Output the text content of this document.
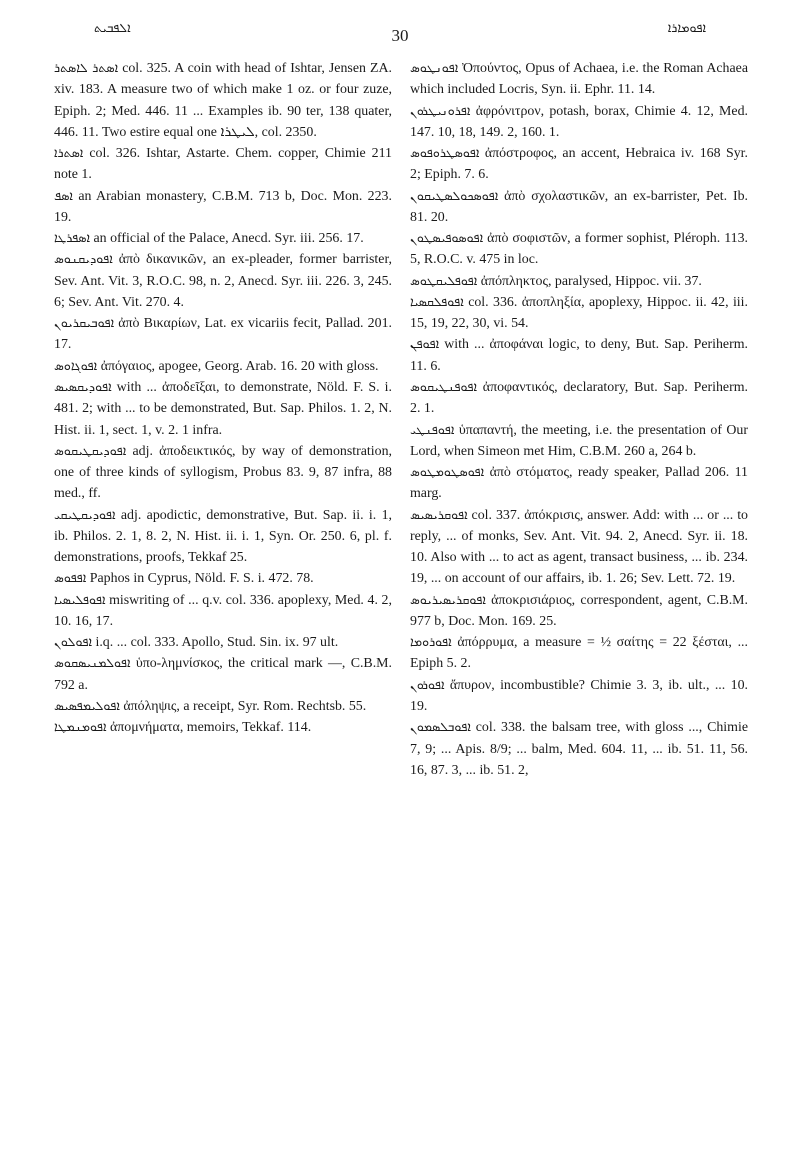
ܐܠܦܒܝܬ	30	ܐܦܘܡܐܪܐ

ܐܣܬܪ ܠܐܣܬܪ col. 325. A coin with head of Ishtar, Jensen ZA. xiv. 183. A measure two of which make 1 oz. or four zuze, Epiph. 2; Med. 446. 11 ... Examples ib. 90 ter, 138 quater, 446. 11. Two estire equal one ܠܝܛܪܐ, col. 2350.

ܐܣܬܪܐ col. 326. Ishtar, Astarte. Chem. copper, Chimie 211 note 1.

ܐܣܦ an Arabian monastery, C.B.M. 713 b, Doc. Mon. 223. 19.

ܐܣܦܪܛܐ an official of the Palace, Anecd. Syr. iii. 256. 17.

ܐܦܘܕܝܩܢܘܣ ἀπὸ δικανικῶν, an ex-pleader, former barrister, Sev. Ant. Vit. 3, R.O.C. 98, n. 2, Anecd. Syr. iii. 226. 3, 245. 6; Sev. Ant. Vit. 270. 4.

ܐܦܘܒܝܩܪܝܘܢ ἀπὸ Βικαρίων, Lat. ex vicariis fecit, Pallad. 201. 17.

ܐܦܘܓܐܘܣ ἀπόγαιος, apogee, Georg. Arab. 16. 20 with gloss.

ܐܦܘܕܝܩܣܝܣ with ... ἀποδεῖξαι, to demonstrate, Nöld. F. S. i. 481. 2; with ... to be demonstrated, But. Sap. Philos. 1. 2, N. Hist. ii. 1, sect. 1, v. 2. 1 infra.

ܐܦܘܕܝܩܛܝܩܘܣ adj. ἀποδεικτικός, by way of demonstration, one of three kinds of syllogism, Probus 83. 9, 87 infra, 88 med., ff.

ܐܦܘܕܝܩܛܝܩܝ adj. apodictic, demonstrative, But. Sap. ii. i. 1, ib. Philos. 2. 1, 8. 2, N. Hist. ii. i. 1, Syn. Or. 250. 6, pl. f. demonstrations, proofs, Tekkaf 25.

ܐܦܦܘܣ Paphos in Cyprus, Nöld. F. S. i. 472. 78.

ܐܦܘܦܠܝܣܝܐ miswriting of ... q.v. col. 336. apoplexy, Med. 4. 2, 10. 16, 17.

ܐܦܘܠܘܢ i.q. ... col. 333. Apollo, Stud. Sin. ix. 97 ult.

ܐܦܘܠܡܢܝܣܩܘܣ ὑπο-λημνίσκος, the critical mark —, C.B.M. 792 a.

ܐܦܘܠܝܡܦܣܝܣ ἀπόληψις, a receipt, Syr. Rom. Rechtsb. 55.

ܐܦܘܡܢܡܛܐ ἀπομνήματα, memoirs, Tekkaf. 114.

ܐܦܘܢܛܘܣ Ὀπούντος, Opus of Achaea, i.e. the Roman Achaea which included Locris, Syn. ii. Ephr. 11. 14.

ܐܦܪܘܢܝܛܪܘܢ ἀφρόνιτρον, potash, borax, Chimie 4. 12, Med. 147. 10, 18, 149. 2, 160. 1.

ܐܦܘܣܛܪܘܦܘܣ ἀπόστροφος, an accent, Hebraica iv. 168 Syr. 2; Epiph. 7. 6.

ܐܦܘܣܟܘܠܣܛܝܩܘܢ ἀπὸ σχολαστικῶν, an ex-barrister, Pet. Ib. 81. 20.

ܐܦܘܣܘܦܝܣܛܘܢ ἀπὸ σοφιστῶν, a former sophist, Pléroph. 113. 5, R.O.C. v. 475 in loc.

ܐܦܘܦܠܝܩܛܘܣ ἀπόπληκτος, paralysed, Hippoc. vii. 37.

ܐܦܘܦܠܩܣܝܐ col. 336. ἀποπληξία, apoplexy, Hippoc. ii. 42, iii. 15, 19, 22, 30, vi. 54.

ܐܦܘܦܢ with ... ἀποφάναι logic, to deny, But. Sap. Periherm. 11. 6.

ܐܦܘܦܢܛܝܩܘܣ ἀποφαντικός, declaratory, But. Sap. Periherm. 2. 1.

ܐܦܘܦܢܛܝ ὑπαπαντή, the meeting, i.e. the presentation of Our Lord, when Simeon met Him, C.B.M. 260 a, 264 b.

ܐܦܘܣܛܘܡܛܘܣ ἀπὸ στόματος, ready speaker, Pallad 206. 11 marg.

ܐܦܘܩܪܝܣܝܣ col. 337. ἀπόκρισις, answer. Add: with ... or ... to reply, ... of monks, Sev. Ant. Vit. 94. 2, Anecd. Syr. ii. 18. 10. Also with ... to act as agent, transact business, ... ib. 234. 19, ... on account of our affairs, ib. 1. 26; Sev. Lett. 72. 19.

ܐܦܘܩܪܝܣܝܪܝܘܣ ἀποκρισιάριος, correspondent, agent, C.B.M. 977 b, Doc. Mon. 169. 25.

ܐܦܘܪܘܡܐ ἀπόρρυμα, a measure = ½ σαίτης = 22 ξέσται, ... Epiph 5. 2.

ܐܦܘܪܘܢ ἄπυρον, incombustible? Chimie 3. 3, ib. ult., ... 10. 19.

ܐܦܘܒܠܣܡܘܢ col. 338. the balsam tree, with gloss ..., Chimie 7, 9; ... Apis. 8/9; ... balm, Med. 604. 11, ... ib. 51. 11, 56. 16, 87. 3, ... ib. 51. 2,
